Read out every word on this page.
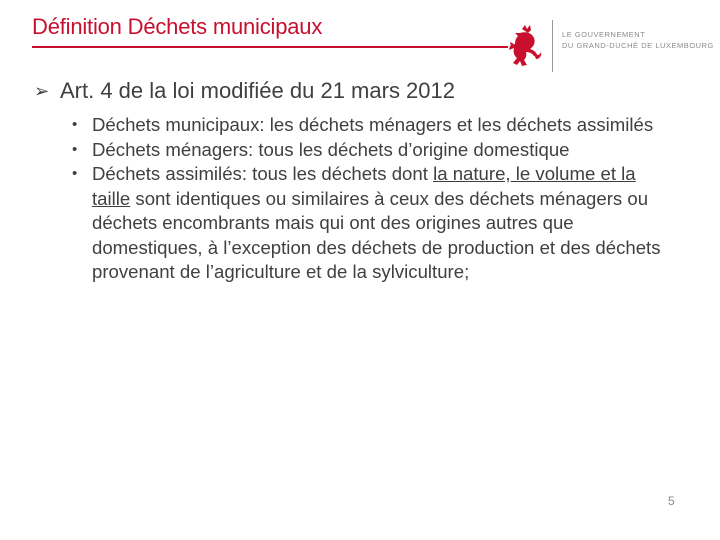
Définition Déchets municipaux	LE GOUVERNEMENT
DU GRAND-DUCHÉ DE LUXEMBOURG
➢ Art. 4 de la loi modifiée du 21 mars 2012
• Déchets municipaux: les déchets ménagers et les déchets assimilés
• Déchets ménagers: tous les déchets d’origine domestique
• Déchets assimilés: tous les déchets dont la nature, le volume et la taille sont identiques ou similaires à ceux des déchets ménagers ou déchets encombrants mais qui ont des origines autres que domestiques, à l’exception des déchets de production et des déchets provenant de l’agriculture et de la sylviculture;
5
